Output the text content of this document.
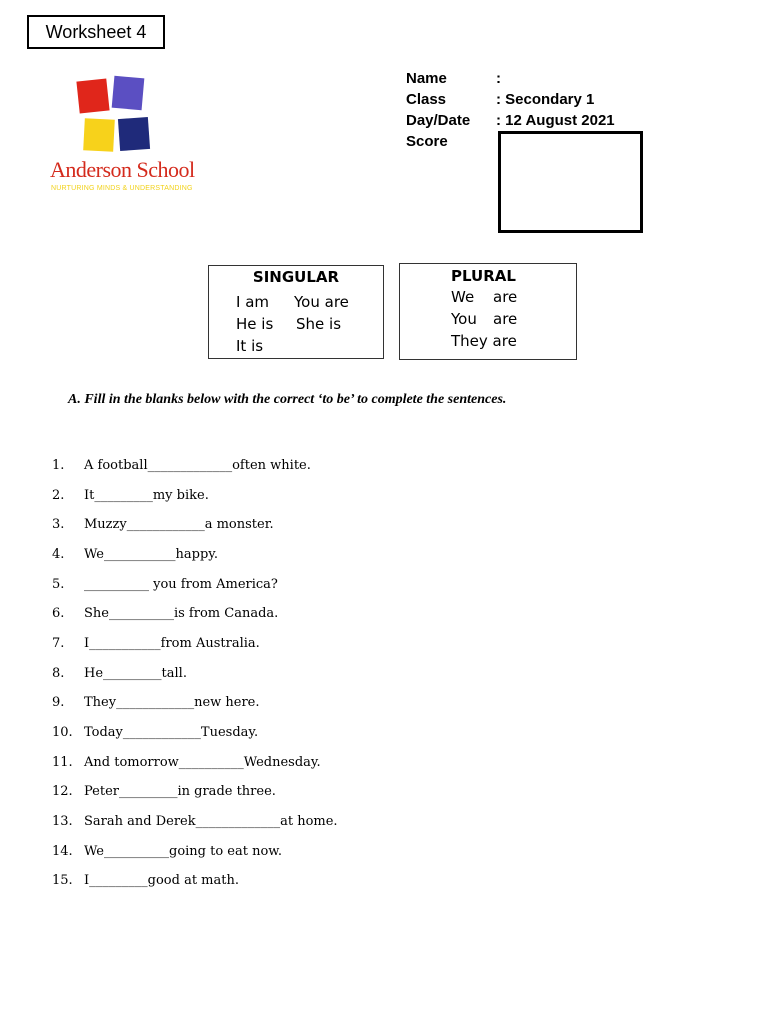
Worksheet 4
Anderson School
NURTURING MINDS & UNDERSTANDING
Name	:
Class	: Secondary 1
Day/Date : 12 August 2021
Score
SINGULAR
I am You are
He is She is
It is
PLURAL
We are
You are
They are
A. Fill in the blanks below with the correct ‘to be’ to complete the sentences.
1. A football_____________often white.
2. It_________my bike.
3. Muzzy____________a monster.
4. We___________happy.
5. __________ you from America?
6. She__________is from Canada.
7. I___________from Australia.
8. He_________tall.
9. They____________new here.
10. Today____________Tuesday.
11. And tomorrow__________Wednesday.
12. Peter_________in grade three.
13. Sarah and Derek_____________at home.
14. We__________going to eat now.
15. I_________good at math.
